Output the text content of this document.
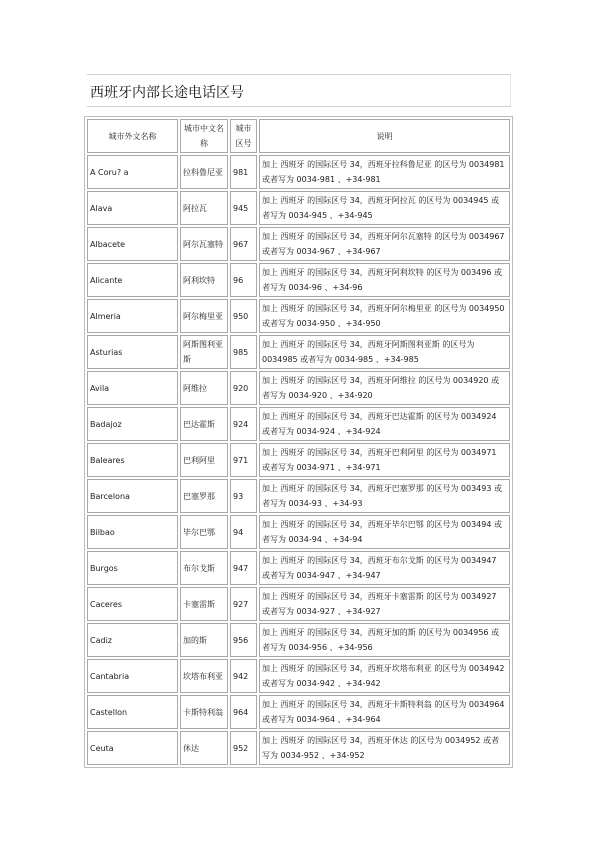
西班牙内部长途电话区号
城市外文名称	城市中文名称	城市区号	说明
A Coru? a	拉科鲁尼亚	981	加上 西班牙 的国际区号 34，西班牙拉科鲁尼亚 的区号为 0034981 或者写为 0034-981 、+34-981
Alava	阿拉瓦	945	加上 西班牙 的国际区号 34，西班牙阿拉瓦 的区号为 0034945 或者写为 0034-945 、+34-945
Albacete	阿尔瓦塞特	967	加上 西班牙 的国际区号 34，西班牙阿尔瓦塞特 的区号为 0034967 或者写为 0034-967 、+34-967
Alicante	阿利坎特	96	加上 西班牙 的国际区号 34，西班牙阿利坎特 的区号为 003496 或者写为 0034-96 、+34-96
Almeria	阿尔梅里亚	950	加上 西班牙 的国际区号 34，西班牙阿尔梅里亚 的区号为 0034950 或者写为 0034-950 、+34-950
Asturias	阿斯图利亚斯	985	加上 西班牙 的国际区号 34，西班牙阿斯图利亚斯 的区号为 0034985 或者写为 0034-985 、+34-985
Avila	阿维拉	920	加上 西班牙 的国际区号 34，西班牙阿维拉 的区号为 0034920 或者写为 0034-920 、+34-920
Badajoz	巴达霍斯	924	加上 西班牙 的国际区号 34，西班牙巴达霍斯 的区号为 0034924 或者写为 0034-924 、+34-924
Baleares	巴利阿里	971	加上 西班牙 的国际区号 34，西班牙巴利阿里 的区号为 0034971 或者写为 0034-971 、+34-971
Barcelona	巴塞罗那	93	加上 西班牙 的国际区号 34，西班牙巴塞罗那 的区号为 003493 或者写为 0034-93 、+34-93
Bilbao	毕尔巴鄂	94	加上 西班牙 的国际区号 34，西班牙毕尔巴鄂 的区号为 003494 或者写为 0034-94 、+34-94
Burgos	布尔戈斯	947	加上 西班牙 的国际区号 34，西班牙布尔戈斯 的区号为 0034947 或者写为 0034-947 、+34-947
Caceres	卡塞雷斯	927	加上 西班牙 的国际区号 34，西班牙卡塞雷斯 的区号为 0034927 或者写为 0034-927 、+34-927
Cadiz	加的斯	956	加上 西班牙 的国际区号 34，西班牙加的斯 的区号为 0034956 或者写为 0034-956 、+34-956
Cantabria	坎塔布利亚	942	加上 西班牙 的国际区号 34，西班牙坎塔布利亚 的区号为 0034942 或者写为 0034-942 、+34-942
Castellon	卡斯特利翁	964	加上 西班牙 的国际区号 34，西班牙卡斯特利翁 的区号为 0034964 或者写为 0034-964 、+34-964
Ceuta	休达	952	加上 西班牙 的国际区号 34，西班牙休达 的区号为 0034952 或者写为 0034-952 、+34-952
